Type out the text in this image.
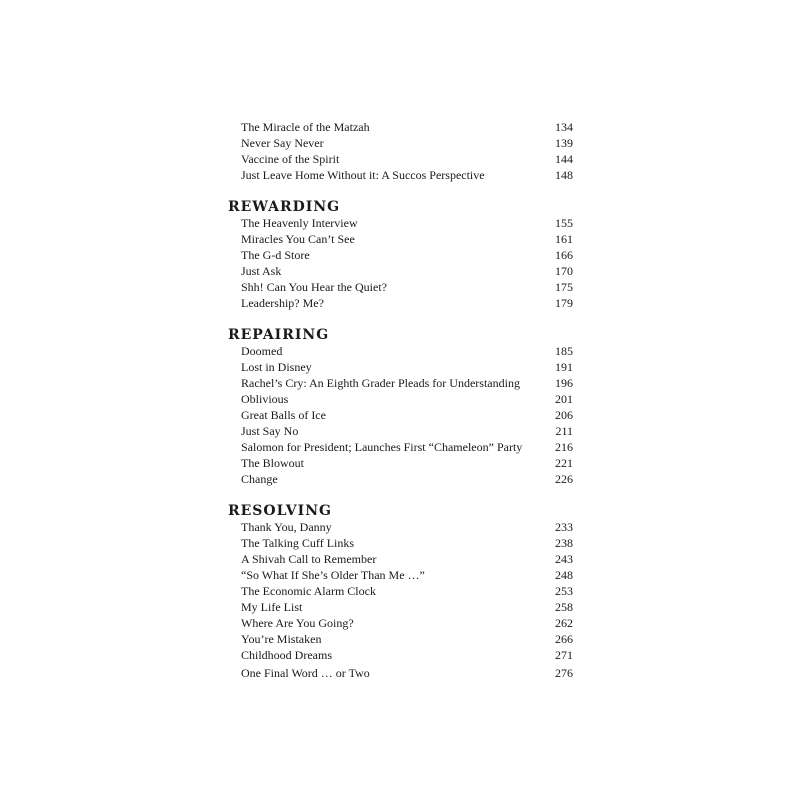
The Miracle of the Matzah	134
Never Say Never	139
Vaccine of the Spirit	144
Just Leave Home Without it: A Succos Perspective	148
REWARDING
The Heavenly Interview	155
Miracles You Can’t See	161
The G-d Store	166
Just Ask	170
Shh! Can You Hear the Quiet?	175
Leadership? Me?	179
REPAIRING
Doomed	185
Lost in Disney	191
Rachel’s Cry: An Eighth Grader Pleads for Understanding	196
Oblivious	201
Great Balls of Ice	206
Just Say No	211
Salomon for President; Launches First “Chameleon” Party	216
The Blowout	221
Change	226
RESOLVING
Thank You, Danny	233
The Talking Cuff Links	238
A Shivah Call to Remember	243
“So What If She’s Older Than Me …”	248
The Economic Alarm Clock	253
My Life List	258
Where Are You Going?	262
You’re Mistaken	266
Childhood Dreams	271
One Final Word … or Two	276
